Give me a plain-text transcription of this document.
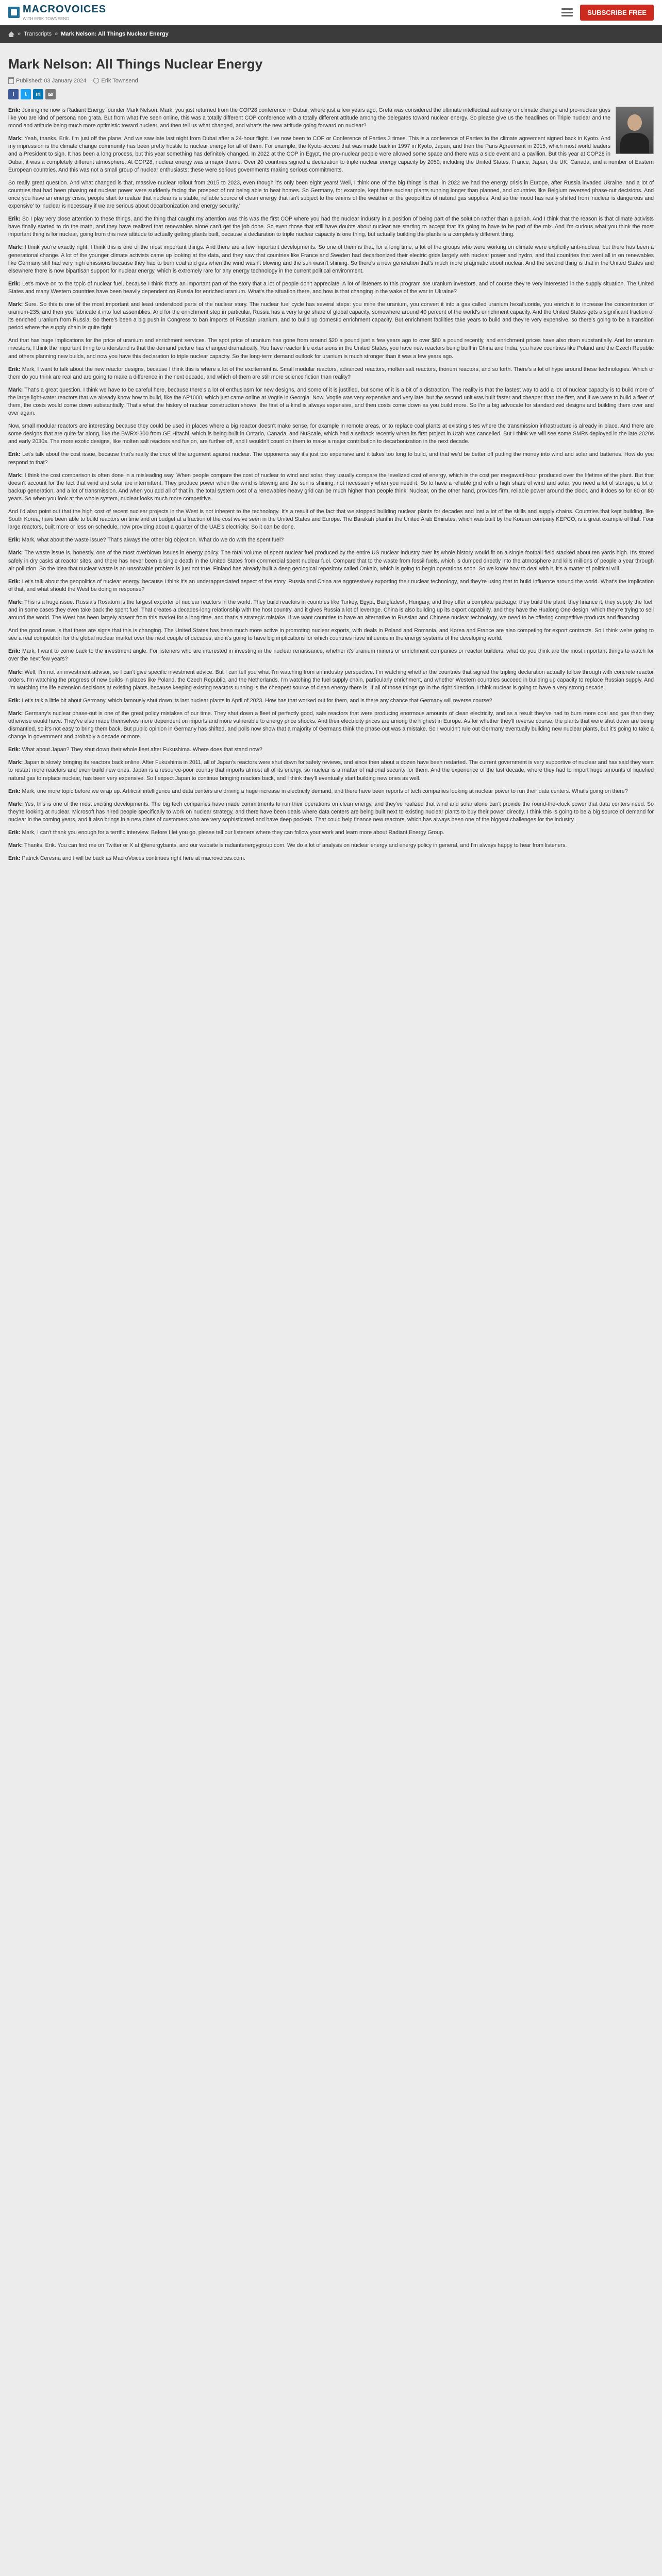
MACROVOICES
WITH ERIK TOWNSEND
SUBSCRIBE FREE
» Transcripts » Mark Nelson: All Things Nuclear Energy
Mark Nelson: All Things Nuclear Energy
Published: 03 January 2024	Erik Townsend
f	t	in	✉

Erik: Joining me now is Radiant Energy founder Mark Nelson. Mark, you just returned from the COP28 conference in Dubai, where just a few years ago, Greta was considered the ultimate intellectual authority on climate change and pro-nuclear guys like you are kind of persona non grata. But from what I've seen online, this was a totally different COP conference with a totally different attitude among the delegates toward nuclear energy. So please give us the headlines on Triple nuclear and the mood and attitude being much more optimistic toward nuclear, and then tell us what changed, and what's the new attitude going forward on nuclear?

Mark: Yeah, thanks, Erik. I'm just off the plane. And we saw late last night from Dubai after a 24-hour flight. I've now been to COP or Conference of Parties 3 times. This is a conference of Parties to the climate agreement signed back in Kyoto. And my impression is the climate change community has been pretty hostile to nuclear energy for all of them. For example, the Kyoto accord that was made back in 1997 in Kyoto, Japan, and then the Paris Agreement in 2015, which most world leaders and a President to sign. It has been a long process, but this year something has definitely changed. In 2022 at the COP in Egypt, the pro-nuclear people were allowed some space and there was a side event and a pavilion. But this year at COP28 in Dubai, it was a completely different atmosphere. At COP28, nuclear energy was a major theme. Over 20 countries signed a declaration to triple nuclear energy capacity by 2050, including the United States, France, Japan, the UK, Canada, and a number of Eastern European countries. And this was not a small group of nuclear enthusiasts; these were serious governments making serious commitments.

So really great question. And what changed is that, massive nuclear rollout from 2015 to 2023, even though it's only been eight years! Well, I think one of the big things is that, in 2022 we had the energy crisis in Europe, after Russia invaded Ukraine, and a lot of countries that had been phasing out nuclear power were suddenly facing the prospect of not being able to heat homes. So Germany, for example, kept three nuclear plants running longer than planned, and countries like Belgium reversed phase-out decisions. And once you have an energy crisis, people start to realize that nuclear is a stable, reliable source of clean energy that isn't subject to the whims of the weather or the geopolitics of natural gas supplies. And so the mood has really shifted from 'nuclear is dangerous and expensive' to 'nuclear is necessary if we are serious about decarbonization and energy security.'

Erik: So I play very close attention to these things, and the thing that caught my attention was this was the first COP where you had the nuclear industry in a position of being part of the solution rather than a pariah. And I think that the reason is that climate activists have finally started to do the math, and they have realized that renewables alone can't get the job done. So even those that still have doubts about nuclear are starting to accept that it's going to have to be part of the mix. And I'm curious what you think the most important thing is for nuclear, going from this new attitude to actually getting plants built, because a declaration to triple nuclear capacity is one thing, but actually building the plants is a completely different thing.

Mark: I think you're exactly right. I think this is one of the most important things. And there are a few important developments. So one of them is that, for a long time, a lot of the groups who were working on climate were explicitly anti-nuclear, but there has been a generational change. A lot of the younger climate activists came up looking at the data, and they saw that countries like France and Sweden had decarbonized their electric grids largely with nuclear power and hydro, and that countries that went all in on renewables like Germany still had very high emissions because they had to burn coal and gas when the wind wasn't blowing and the sun wasn't shining. So there's a new generation that's much more pragmatic about nuclear. And the second thing is that in the United States and elsewhere there is now bipartisan support for nuclear energy, which is extremely rare for any energy technology in the current political environment.

Erik: Let's move on to the topic of nuclear fuel, because I think that's an important part of the story that a lot of people don't appreciate. A lot of listeners to this program are uranium investors, and of course they're very interested in the supply situation. The United States and many Western countries have been heavily dependent on Russia for enriched uranium. What's the situation there, and how is that changing in the wake of the war in Ukraine?

Mark: Sure. So this is one of the most important and least understood parts of the nuclear story. The nuclear fuel cycle has several steps: you mine the uranium, you convert it into a gas called uranium hexafluoride, you enrich it to increase the concentration of uranium-235, and then you fabricate it into fuel assemblies. And for the enrichment step in particular, Russia has a very large share of global capacity, somewhere around 40 percent of the world's enrichment capacity. And the United States gets a significant fraction of its enriched uranium from Russia. So there's been a big push in Congress to ban imports of Russian uranium, and to build up domestic enrichment capacity. But enrichment facilities take years to build and they're very expensive, so there's going to be a transition period where the supply chain is quite tight.

And that has huge implications for the price of uranium and enrichment services. The spot price of uranium has gone from around $20 a pound just a few years ago to over $80 a pound recently, and enrichment prices have also risen substantially. And for uranium investors, I think the important thing to understand is that the demand picture has changed dramatically. You have reactor life extensions in the United States, you have new reactors being built in China and India, you have countries like Poland and the Czech Republic and others planning new builds, and now you have this declaration to triple nuclear capacity. So the long-term demand outlook for uranium is much stronger than it was a few years ago.

Erik: Mark, I want to talk about the new reactor designs, because I think this is where a lot of the excitement is. Small modular reactors, advanced reactors, molten salt reactors, thorium reactors, and so forth. There's a lot of hype around these technologies. Which of them do you think are real and are going to make a difference in the next decade, and which of them are still more science fiction than reality?

Mark: That's a great question. I think we have to be careful here, because there's a lot of enthusiasm for new designs, and some of it is justified, but some of it is a bit of a distraction. The reality is that the fastest way to add a lot of nuclear capacity is to build more of the large light-water reactors that we already know how to build, like the AP1000, which just came online at Vogtle in Georgia. Now, Vogtle was very expensive and very late, but the second unit was built faster and cheaper than the first, and if we were to build a fleet of them, the costs would come down substantially. That's what the history of nuclear construction shows: the first of a kind is always expensive, and then costs come down as you build more. So I'm a big advocate for standardized designs and building them over and over again.

Now, small modular reactors are interesting because they could be used in places where a big reactor doesn't make sense, for example in remote areas, or to replace coal plants at existing sites where the transmission infrastructure is already in place. And there are some designs that are quite far along, like the BWRX-300 from GE Hitachi, which is being built in Ontario, Canada, and NuScale, which had a setback recently when its first project in Utah was cancelled. But I think we will see some SMRs deployed in the late 2020s and early 2030s. The more exotic designs, like molten salt reactors and fusion, are further off, and I wouldn't count on them to make a major contribution to decarbonization in the next decade.

Erik: Let's talk about the cost issue, because that's really the crux of the argument against nuclear. The opponents say it's just too expensive and it takes too long to build, and that we'd be better off putting the money into wind and solar and batteries. How do you respond to that?

Mark: I think the cost comparison is often done in a misleading way. When people compare the cost of nuclear to wind and solar, they usually compare the levelized cost of energy, which is the cost per megawatt-hour produced over the lifetime of the plant. But that doesn't account for the fact that wind and solar are intermittent. They produce power when the wind is blowing and the sun is shining, not necessarily when you need it. So to have a reliable grid with a high share of wind and solar, you need a lot of storage, a lot of backup generation, and a lot of transmission. And when you add all of that in, the total system cost of a renewables-heavy grid can be much higher than people think. Nuclear, on the other hand, provides firm, reliable power around the clock, and it does so for 60 or 80 years. So when you look at the whole system, nuclear looks much more competitive.

And I'd also point out that the high cost of recent nuclear projects in the West is not inherent to the technology. It's a result of the fact that we stopped building nuclear plants for decades and lost a lot of the skills and supply chains. Countries that kept building, like South Korea, have been able to build reactors on time and on budget at a fraction of the cost we've seen in the United States and Europe. The Barakah plant in the United Arab Emirates, which was built by the Korean company KEPCO, is a great example of that. Four large reactors, built more or less on schedule, now providing about a quarter of the UAE's electricity. So it can be done.

Erik: Mark, what about the waste issue? That's always the other big objection. What do we do with the spent fuel?

Mark: The waste issue is, honestly, one of the most overblown issues in energy policy. The total volume of spent nuclear fuel produced by the entire US nuclear industry over its whole history would fit on a single football field stacked about ten yards high. It's stored safely in dry casks at reactor sites, and there has never been a single death in the United States from commercial spent nuclear fuel. Compare that to the waste from fossil fuels, which is dumped directly into the atmosphere and kills millions of people a year through air pollution. So the idea that nuclear waste is an unsolvable problem is just not true. Finland has already built a deep geological repository called Onkalo, which is going to begin operations soon. So we know how to deal with it, it's a matter of political will.

Erik: Let's talk about the geopolitics of nuclear energy, because I think it's an underappreciated aspect of the story. Russia and China are aggressively exporting their nuclear technology, and they're using that to build influence around the world. What's the implication of that, and what should the West be doing in response?

Mark: This is a huge issue. Russia's Rosatom is the largest exporter of nuclear reactors in the world. They build reactors in countries like Turkey, Egypt, Bangladesh, Hungary, and they offer a complete package: they build the plant, they finance it, they supply the fuel, and in some cases they even take back the spent fuel. That creates a decades-long relationship with the host country, and it gives Russia a lot of leverage. China is also building up its export capability, and they have the Hualong One design, which they're trying to sell around the world. The West has been largely absent from this market for a long time, and that's a strategic mistake. If we want countries to have an alternative to Russian and Chinese nuclear technology, we need to be offering competitive products and financing.

And the good news is that there are signs that this is changing. The United States has been much more active in promoting nuclear exports, with deals in Poland and Romania, and Korea and France are also competing for export contracts. So I think we're going to see a real competition for the global nuclear market over the next couple of decades, and it's going to have big implications for which countries have influence in the energy systems of the developing world.

Erik: Mark, I want to come back to the investment angle. For listeners who are interested in investing in the nuclear renaissance, whether it's uranium miners or enrichment companies or reactor builders, what do you think are the most important things to watch for over the next few years?

Mark: Well, I'm not an investment advisor, so I can't give specific investment advice. But I can tell you what I'm watching from an industry perspective. I'm watching whether the countries that signed the tripling declaration actually follow through with concrete reactor orders. I'm watching the progress of new builds in places like Poland, the Czech Republic, and the Netherlands. I'm watching the fuel supply chain, particularly enrichment, and whether Western countries succeed in building up capacity to replace Russian supply. And I'm watching the life extension decisions at existing plants, because keeping existing reactors running is the cheapest source of clean energy there is. If all of those things go in the right direction, I think nuclear is going to have a very strong decade.

Erik: Let's talk a little bit about Germany, which famously shut down its last nuclear plants in April of 2023. How has that worked out for them, and is there any chance that Germany will reverse course?

Mark: Germany's nuclear phase-out is one of the great policy mistakes of our time. They shut down a fleet of perfectly good, safe reactors that were producing enormous amounts of clean electricity, and as a result they've had to burn more coal and gas than they otherwise would have. They've also made themselves more dependent on imports and more vulnerable to energy price shocks. And their electricity prices are among the highest in Europe. As for whether they'll reverse course, the plants that were shut down are being dismantled, so it's not easy to bring them back. But public opinion in Germany has shifted, and polls now show that a majority of Germans think the phase-out was a mistake. So I wouldn't rule out Germany eventually building new nuclear plants, but it's going to take a change in government and probably a decade or more.

Erik: What about Japan? They shut down their whole fleet after Fukushima. Where does that stand now?

Mark: Japan is slowly bringing its reactors back online. After Fukushima in 2011, all of Japan's reactors were shut down for safety reviews, and since then about a dozen have been restarted. The current government is very supportive of nuclear and has said they want to restart more reactors and even build new ones. Japan is a resource-poor country that imports almost all of its energy, so nuclear is a matter of national security for them. And the experience of the last decade, where they had to import huge amounts of liquefied natural gas to replace nuclear, has been very expensive. So I expect Japan to continue bringing reactors back, and I think they'll eventually start building new ones as well.

Erik: Mark, one more topic before we wrap up. Artificial intelligence and data centers are driving a huge increase in electricity demand, and there have been reports of tech companies looking at nuclear power to run their data centers. What's going on there?

Mark: Yes, this is one of the most exciting developments. The big tech companies have made commitments to run their operations on clean energy, and they've realized that wind and solar alone can't provide the round-the-clock power that data centers need. So they're looking at nuclear. Microsoft has hired people specifically to work on nuclear strategy, and there have been deals where data centers are being built next to existing nuclear plants to buy their power directly. I think this is going to be a big source of demand for nuclear in the coming years, and it also brings in a new class of customers who are very sophisticated and have deep pockets. That could help finance new reactors, which has always been one of the biggest challenges for the industry.

Erik: Mark, I can't thank you enough for a terrific interview. Before I let you go, please tell our listeners where they can follow your work and learn more about Radiant Energy Group.

Mark: Thanks, Erik. You can find me on Twitter or X at @energybants, and our website is radiantenergygroup.com. We do a lot of analysis on nuclear energy and energy policy in general, and I'm always happy to hear from listeners.

Erik: Patrick Ceresna and I will be back as MacroVoices continues right here at macrovoices.com.
